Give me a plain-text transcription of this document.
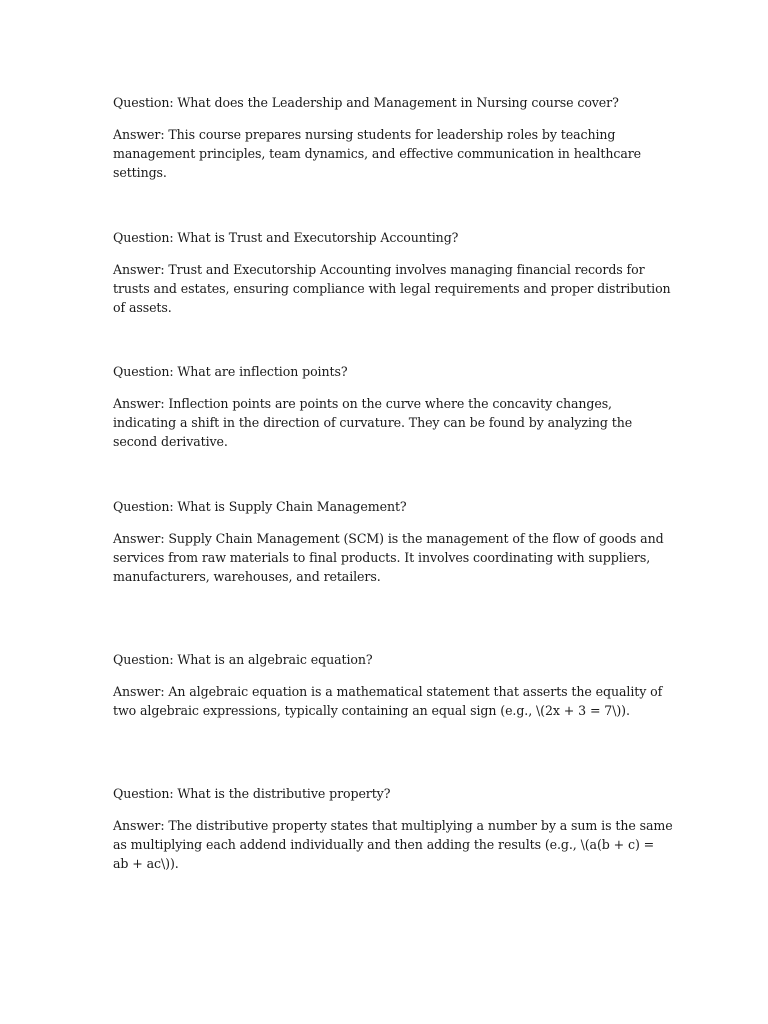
Question: What does the Leadership and Management in Nursing course cover?

Answer: This course prepares nursing students for leadership roles by teaching management principles, team dynamics, and effective communication in healthcare settings.

Question: What is Trust and Executorship Accounting?

Answer: Trust and Executorship Accounting involves managing financial records for trusts and estates, ensuring compliance with legal requirements and proper distribution of assets.

Question: What are inflection points?

Answer: Inflection points are points on the curve where the concavity changes, indicating a shift in the direction of curvature. They can be found by analyzing the second derivative.

Question: What is Supply Chain Management?

Answer: Supply Chain Management (SCM) is the management of the flow of goods and services from raw materials to final products. It involves coordinating with suppliers, manufacturers, warehouses, and retailers.

Question: What is an algebraic equation?

Answer: An algebraic equation is a mathematical statement that asserts the equality of two algebraic expressions, typically containing an equal sign (e.g., \(2x + 3 = 7\)).

Question: What is the distributive property?

Answer: The distributive property states that multiplying a number by a sum is the same as multiplying each addend individually and then adding the results (e.g., \(a(b + c) = ab + ac\)).
